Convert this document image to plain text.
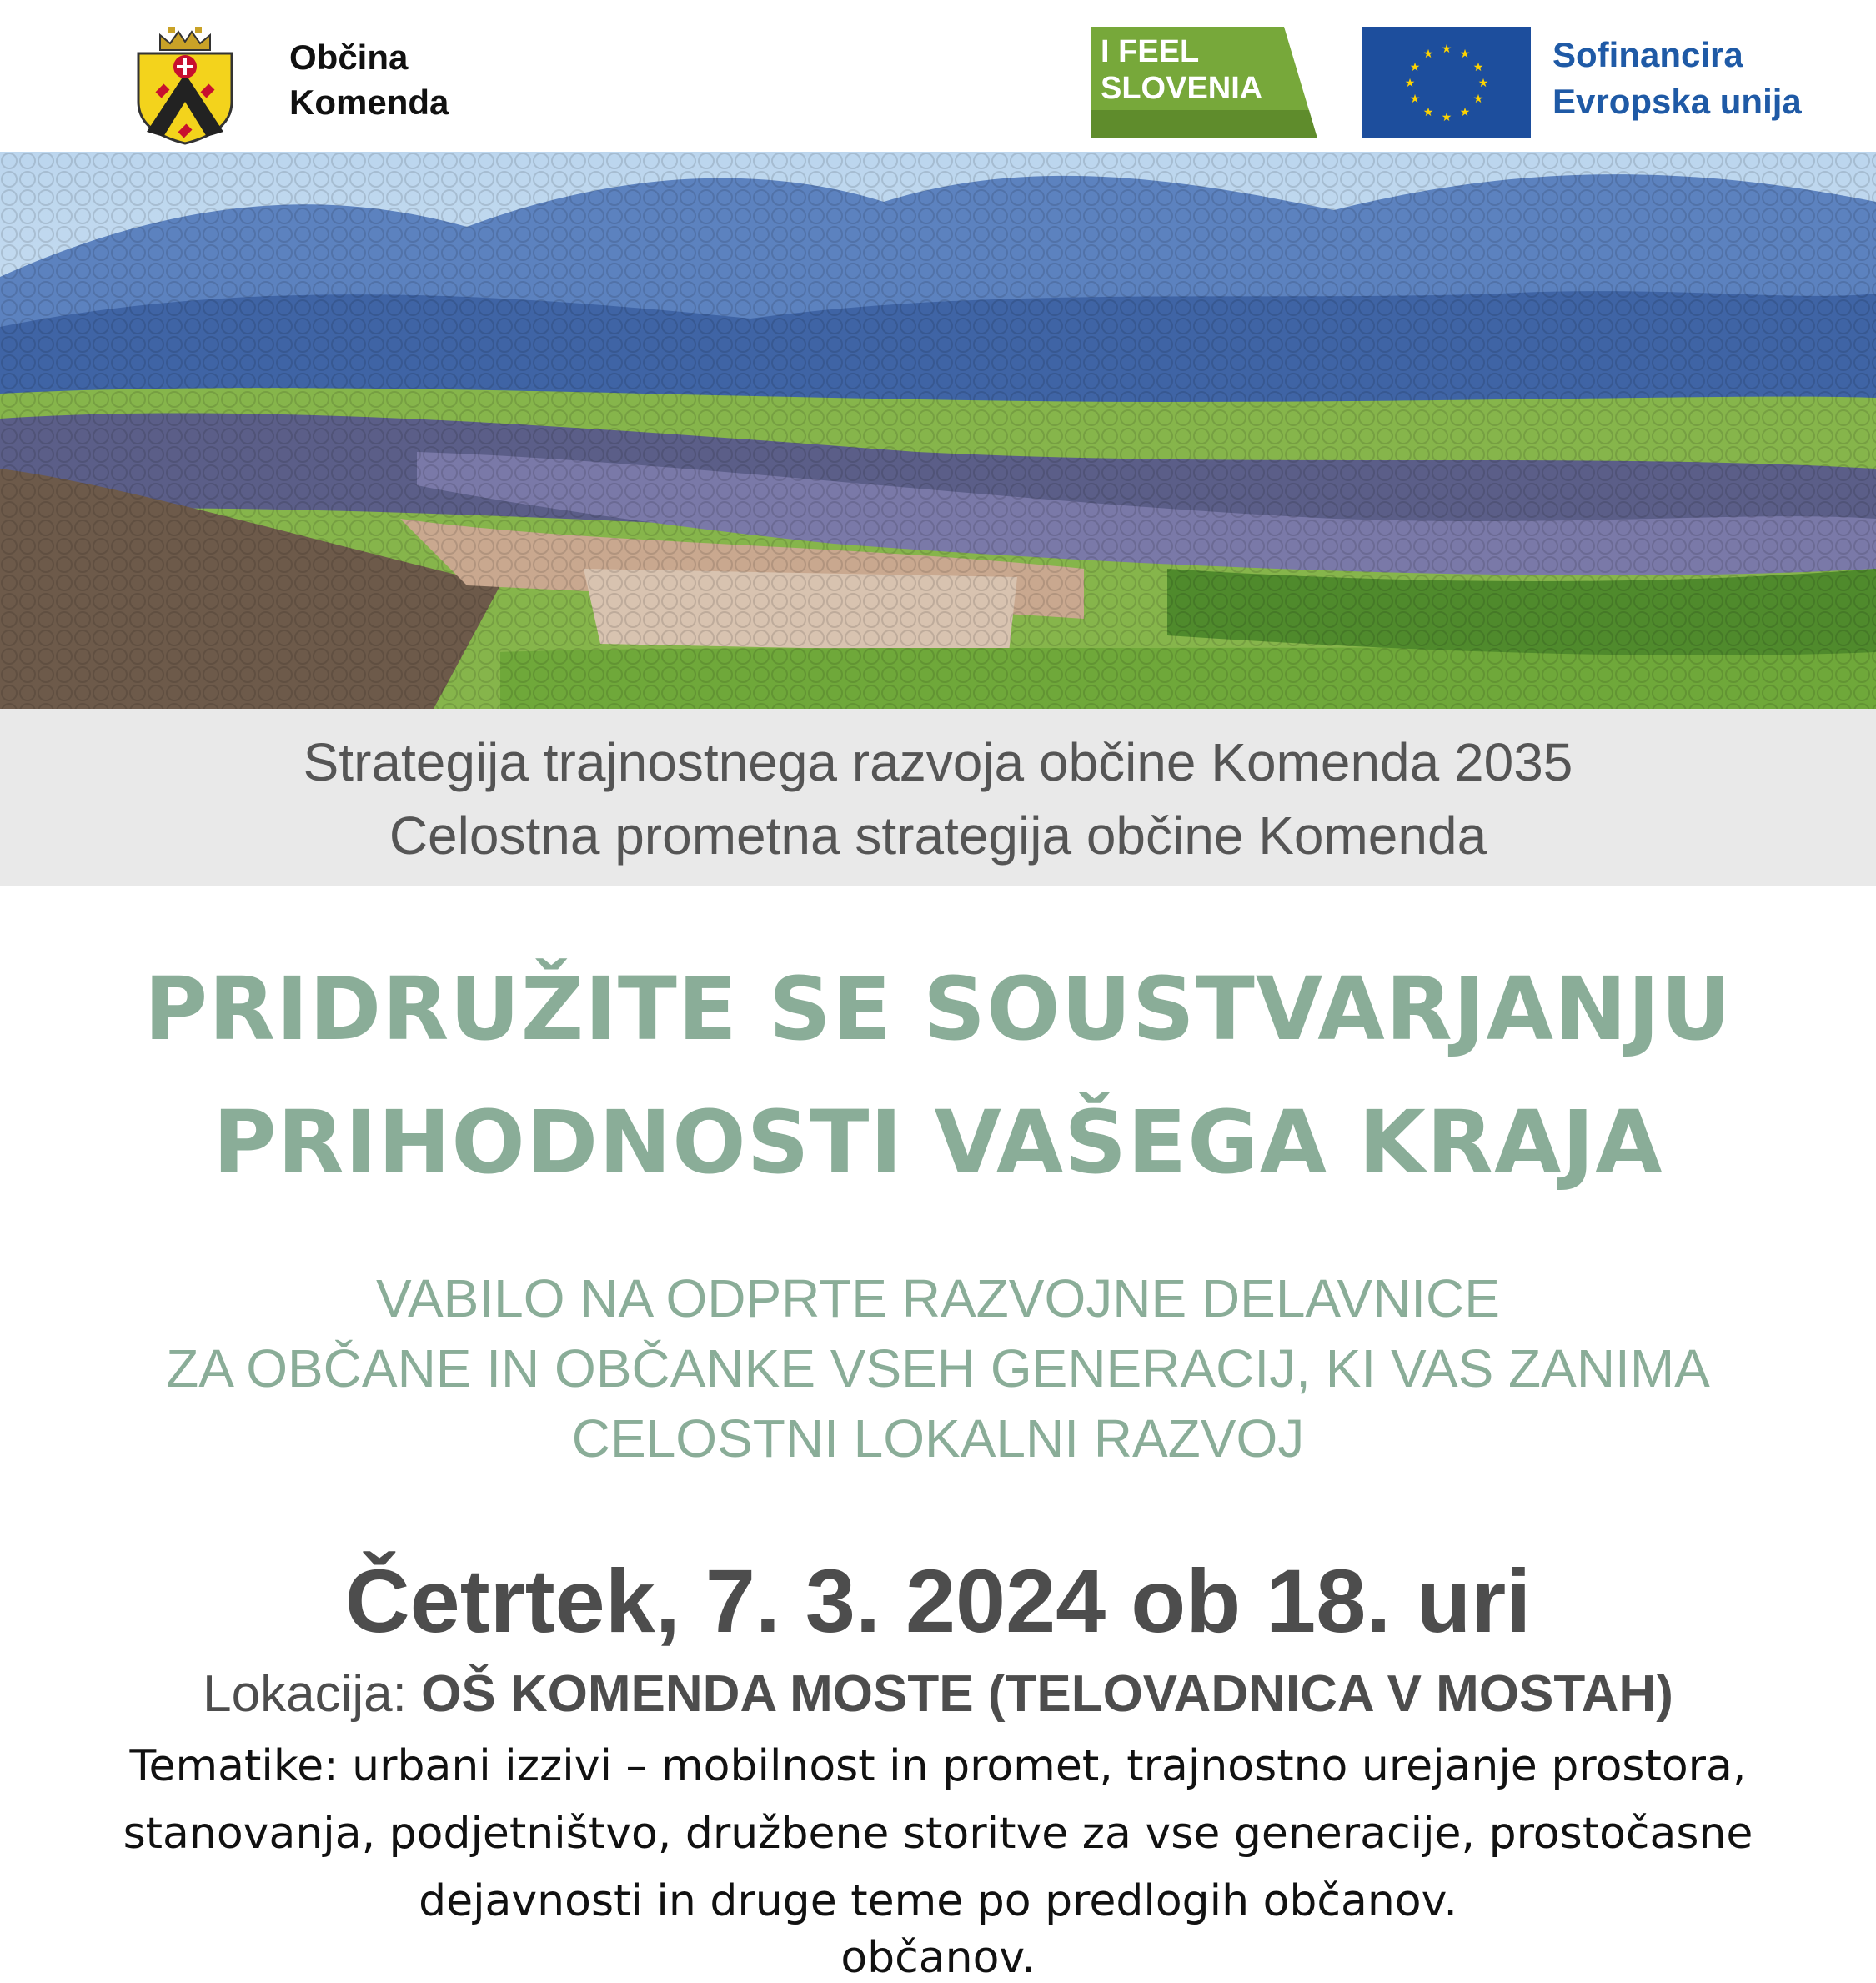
Občina
Komenda
I FEEL
SLOVENIA
★ ★
★
★
★
★
★
★
★
★
★
★	Sofinancira
Evropska unija
Strategija trajnostnega razvoja občine Komenda 2035
Celostna prometna strategija občine Komenda
PRIDRUŽITE SE SOUSTVARJANJU
PRIHODNOSTI VAŠEGA KRAJA
VABILO NA ODPRTE RAZVOJNE DELAVNICE
ZA OBČANE IN OBČANKE VSEH GENERACIJ, KI VAS ZANIMA
CELOSTNI LOKALNI RAZVOJ
Četrtek, 7. 3. 2024 ob 18. uri
Lokacija: OŠ KOMENDA MOSTE (TELOVADNICA V MOSTAH)
Tematike: urbani izzivi – mobilnost in promet, trajnostno urejanje prostora,
stanovanja, podjetništvo, družbene storitve za vse generacije, prostočasne
dejavnosti in druge teme po predlogih občanov.
občanov.
